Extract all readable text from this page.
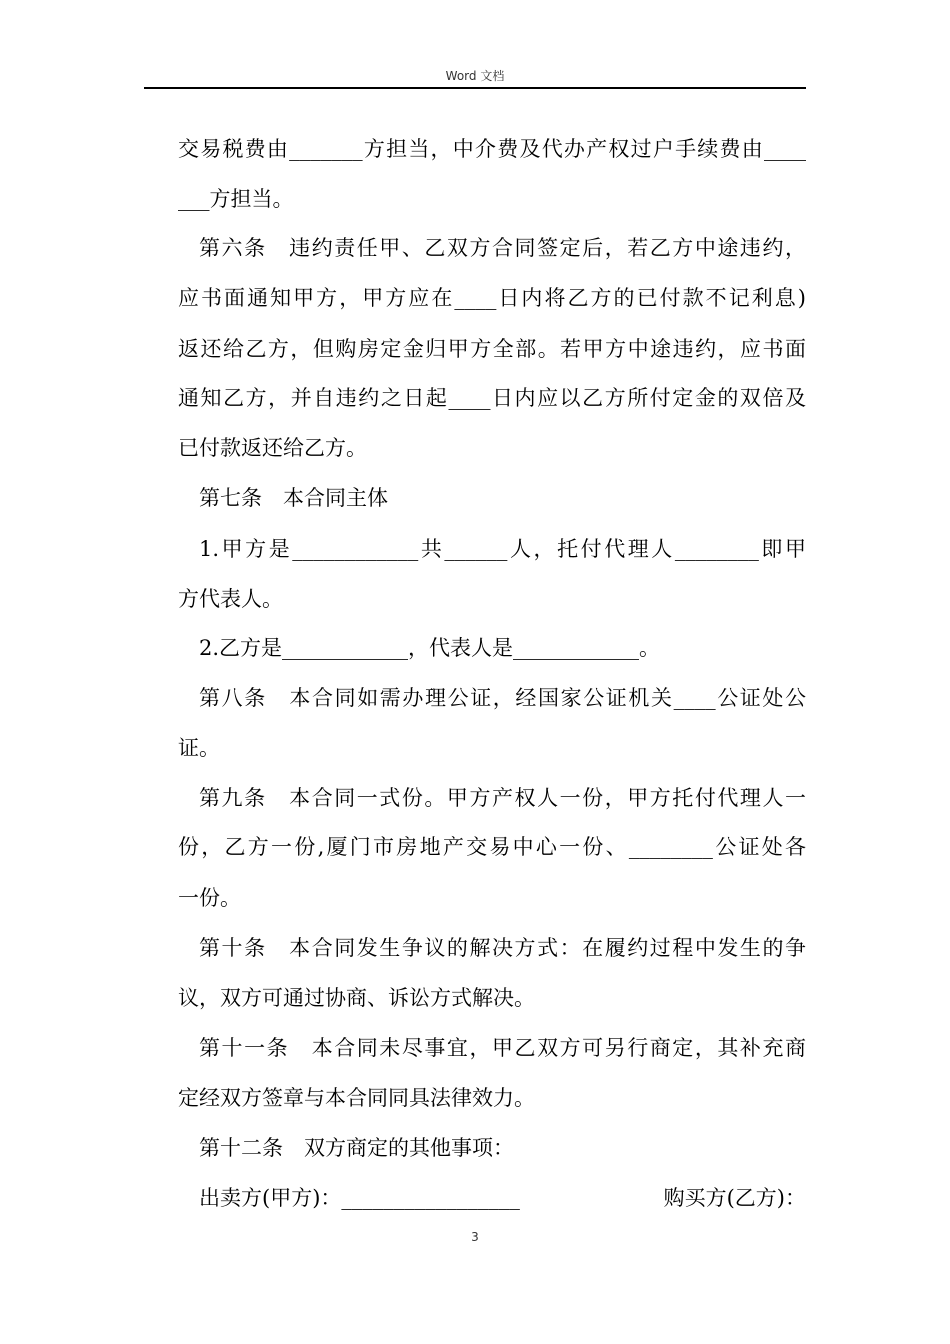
Word 文档
交易税费由_______方担当，中介费及代办产权过户手续费由____
___方担当。
第六条　违约责任甲、乙双方合同签定后，若乙方中途违约，
应书面通知甲方，甲方应在____日内将乙方的已付款不记利息)
返还给乙方，但购房定金归甲方全部。若甲方中途违约，应书面
通知乙方，并自违约之日起____日内应以乙方所付定金的双倍及
已付款返还给乙方。
第七条　本合同主体
1.甲方是____________共______人，托付代理人________即甲
方代表人。
2.乙方是____________，代表人是____________。
第八条　本合同如需办理公证，经国家公证机关____公证处公
证。
第九条　本合同一式份。甲方产权人一份，甲方托付代理人一
份，乙方一份,厦门市房地产交易中心一份、________公证处各
一份。
第十条　本合同发生争议的解决方式：在履约过程中发生的争
议，双方可通过协商、诉讼方式解决。
第十一条　本合同未尽事宜，甲乙双方可另行商定，其补充商
定经双方签章与本合同同具法律效力。
第十二条　双方商定的其他事项：
出卖方(甲方)：_________________	购买方(乙方)：
3
